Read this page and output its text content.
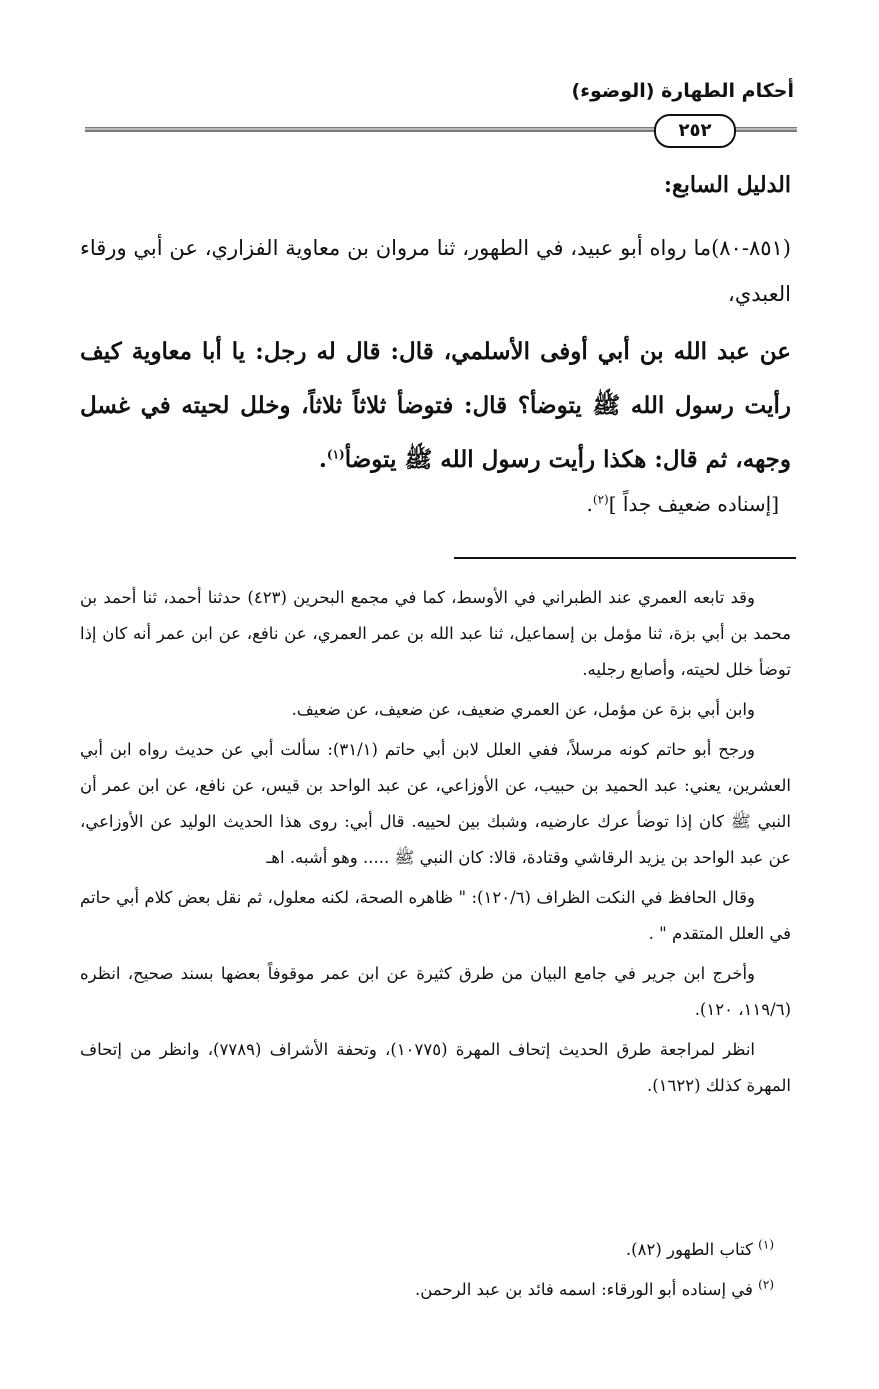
أحكام الطهارة (الوضوء)
٢٥٢
الدليل السابع:
(٨٥١-٨٠)ما رواه أبو عبيد، في الطهور، ثنا مروان بن معاوية الفزاري، عن أبي ورقاء العبدي،
عن عبد الله بن أبي أوفى الأسلمي، قال: قال له رجل: يا أبا معاوية كيف رأيت رسول الله ﷺ يتوضأ؟ قال: فتوضأ ثلاثاً ثلاثاً، وخلل لحيته في غسل وجهه، ثم قال: هكذا رأيت رسول الله ﷺ يتوضأ$^{(١)}$.
[إسناده ضعيف جداً ]$^{(٢)}$.

وقد تابعه العمري عند الطبراني في الأوسط، كما في مجمع البحرين (٤٢٣) حدثنا أحمد، ثنا أحمد بن محمد بن أبي بزة، ثنا مؤمل بن إسماعيل، ثنا عبد الله بن عمر العمري، عن نافع، عن ابن عمر أنه كان إذا توضأ خلل لحيته، وأصابع رجليه.

وابن أبي بزة عن مؤمل، عن العمري ضعيف، عن ضعيف، عن ضعيف.

ورجح أبو حاتم كونه مرسلاً، ففي العلل لابن أبي حاتم (٣١/١): سألت أبي عن حديث رواه ابن أبي العشرين، يعني: عبد الحميد بن حبيب، عن الأوزاعي، عن عبد الواحد بن قيس، عن نافع، عن ابن عمر أن النبي ﷺ كان إذا توضأ عرك عارضيه، وشبك بين لحييه. قال أبي: روى هذا الحديث الوليد عن الأوزاعي، عن عبد الواحد بن يزيد الرقاشي وقتادة، قالا: كان النبي ﷺ ..... وهو أشبه. اهـ

وقال الحافظ في النكت الظراف (١٢٠/٦): " ظاهره الصحة، لكنه معلول، ثم نقل بعض كلام أبي حاتم في العلل المتقدم " .

وأخرج ابن جرير في جامع البيان من طرق كثيرة عن ابن عمر موقوفاً بعضها بسند صحيح، انظره (١١٩/٦، ١٢٠).

انظر لمراجعة طرق الحديث إتحاف المهرة (١٠٧٧٥)، وتحفة الأشراف (٧٧٨٩)، وانظر من إتحاف المهرة كذلك (١٦٢٢).

$^{(١)}$ كتاب الطهور (٨٢).

$^{(٢)}$ في إسناده أبو الورقاء: اسمه فائد بن عبد الرحمن.
